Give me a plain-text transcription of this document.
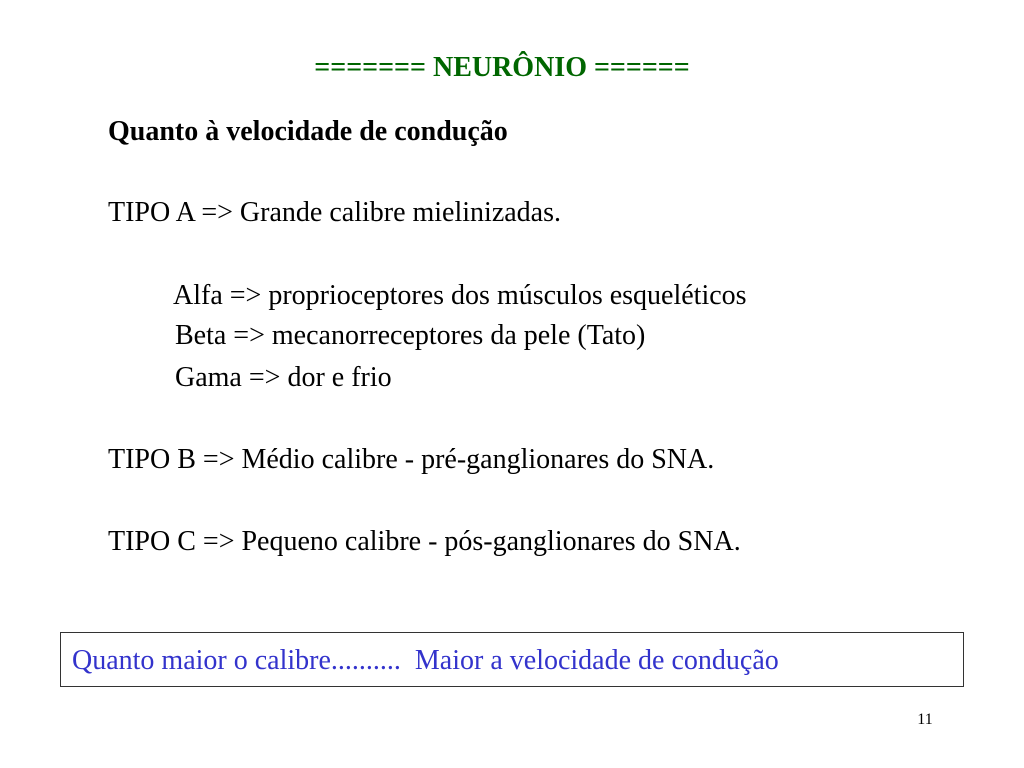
======= NEURÔNIO ======
Quanto à velocidade de condução
TIPO A => Grande calibre mielinizadas.
Alfa => proprioceptores dos músculos esqueléticos
Beta => mecanorreceptores da pele (Tato)
Gama => dor e frio
TIPO B => Médio calibre - pré-ganglionares do SNA.
TIPO C => Pequeno calibre - pós-ganglionares do SNA.
Quanto maior o calibre..........  Maior a velocidade de condução
11
